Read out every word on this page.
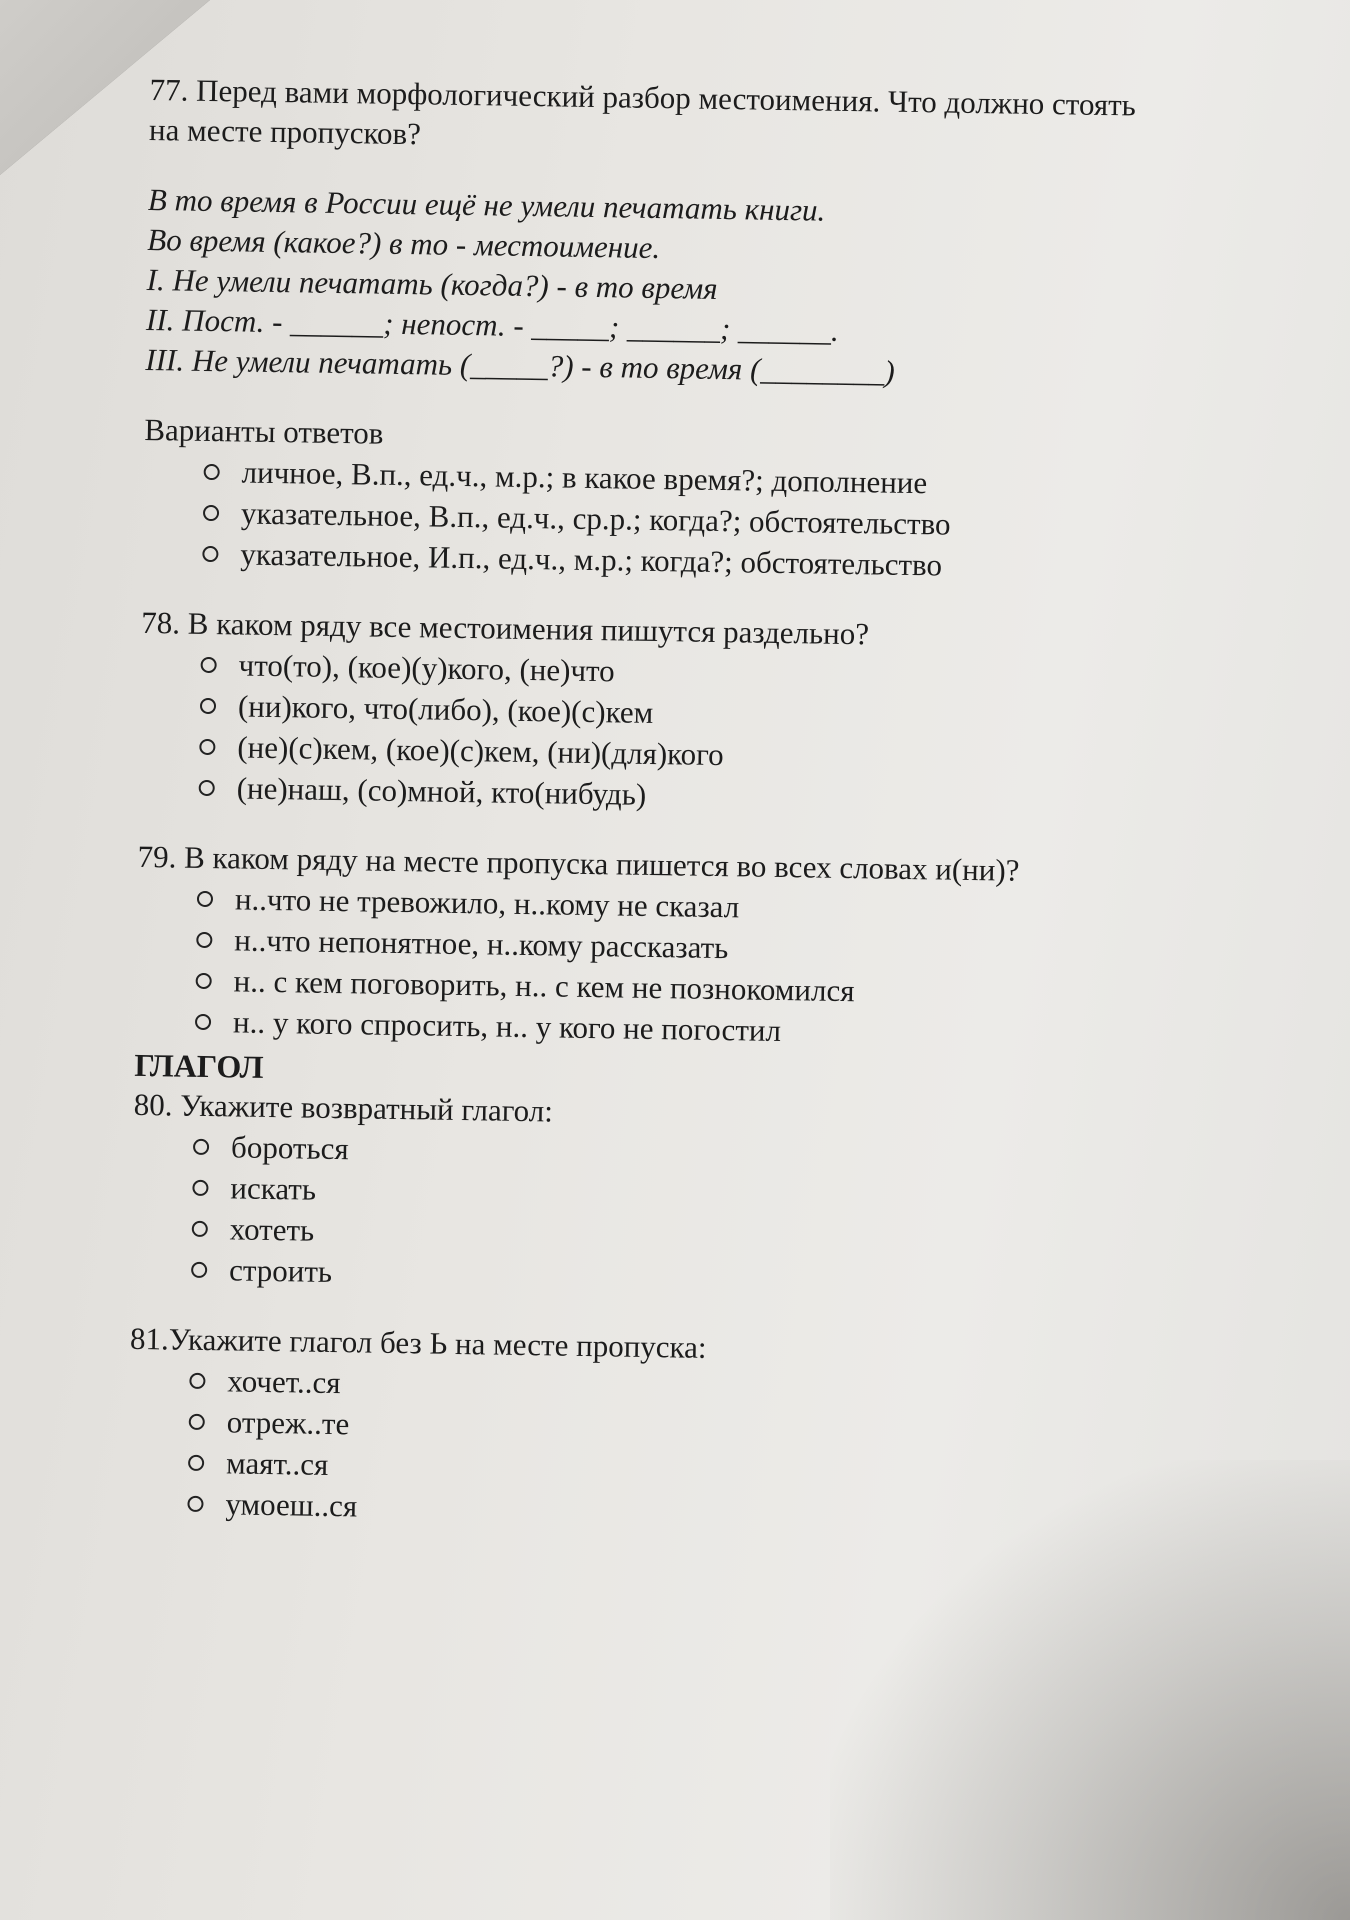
77. Перед вами морфологический разбор местоимения. Что должно стоять

на месте пропусков?

В то время в России ещё не умели печатать книги.

Во время (какое?) в то - местоимение.

I. Не умели печатать (когда?) - в то время

II. Пост. - ______; непост. - _____; ______; ______.

III. Не умели печатать (_____?) - в то время (________)

Варианты ответов

личное, В.п., ед.ч., м.р.; в какое время?; дополнение
указательное, В.п., ед.ч., ср.р.; когда?; обстоятельство
указательное, И.п., ед.ч., м.р.; когда?; обстоятельство

78. В каком ряду все местоимения пишутся раздельно?

что(то), (кое)(у)кого, (не)что
(ни)кого, что(либо), (кое)(с)кем
(не)(с)кем, (кое)(с)кем, (ни)(для)кого
(не)наш, (со)мной, кто(нибудь)

79. В каком ряду на месте пропуска пишется во всех словах и(ни)?

н..что не тревожило, н..кому не сказал
н..что непонятное, н..кому рассказать
н.. с кем поговорить, н.. с кем не познокомился
н.. у кого спросить, н.. у кого не погостил

ГЛАГОЛ

80. Укажите возвратный глагол:

бороться
искать
хотеть
строить

81.Укажите глагол без Ь на месте пропуска:

хочет..ся
отреж..те
маят..ся
умоеш..ся
